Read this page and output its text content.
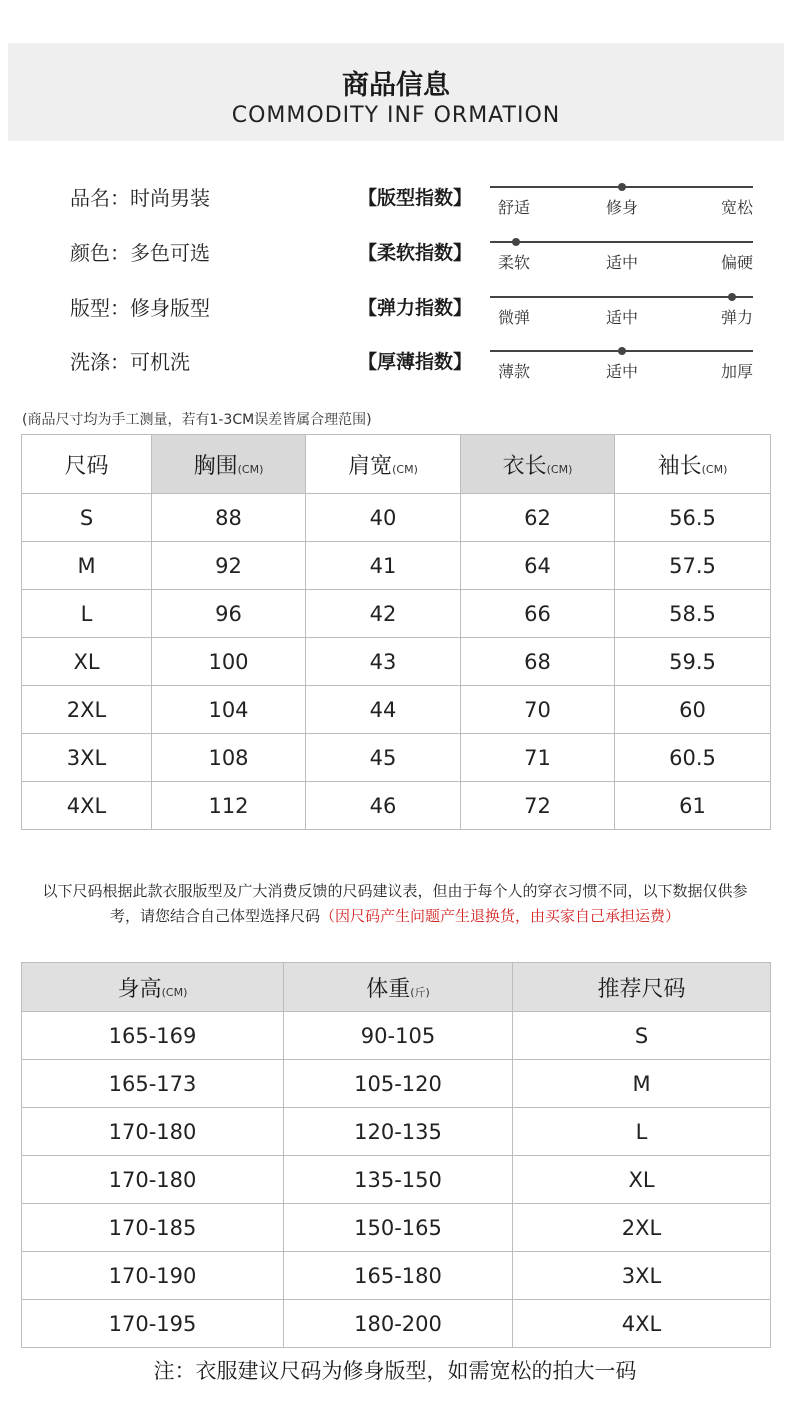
商品信息
COMMODITY INF ORMATION
品名：时尚男装	【版型指数】	舒适	修身	宽松
颜色：多色可选	【柔软指数】	柔软	适中	偏硬
版型：修身版型	【弹力指数】	微弹	适中	弹力
洗涤：可机洗	【厚薄指数】	薄款	适中	加厚
(商品尺寸均为手工测量，若有1-3CM误差皆属合理范围)
尺码	胸围(CM)	肩宽(CM)	衣长(CM)	袖长(CM)
S	88	40	62	56.5
M	92	41	64	57.5
L	96	42	66	58.5
XL	100	43	68	59.5
2XL	104	44	70	60
3XL	108	45	71	60.5
4XL	112	46	72	61
以下尺码根据此款衣服版型及广大消费反馈的尺码建议表，但由于每个人的穿衣习惯不同，以下数据仅供参考，请您结合自己体型选择尺码（因尺码产生问题产生退换货，由买家自己承担运费）
身高(CM)	体重(斤)	推荐尺码
165-169	90-105	S
165-173	105-120	M
170-180	120-135	L
170-180	135-150	XL
170-185	150-165	2XL
170-190	165-180	3XL
170-195	180-200	4XL
注：衣服建议尺码为修身版型，如需宽松的拍大一码
